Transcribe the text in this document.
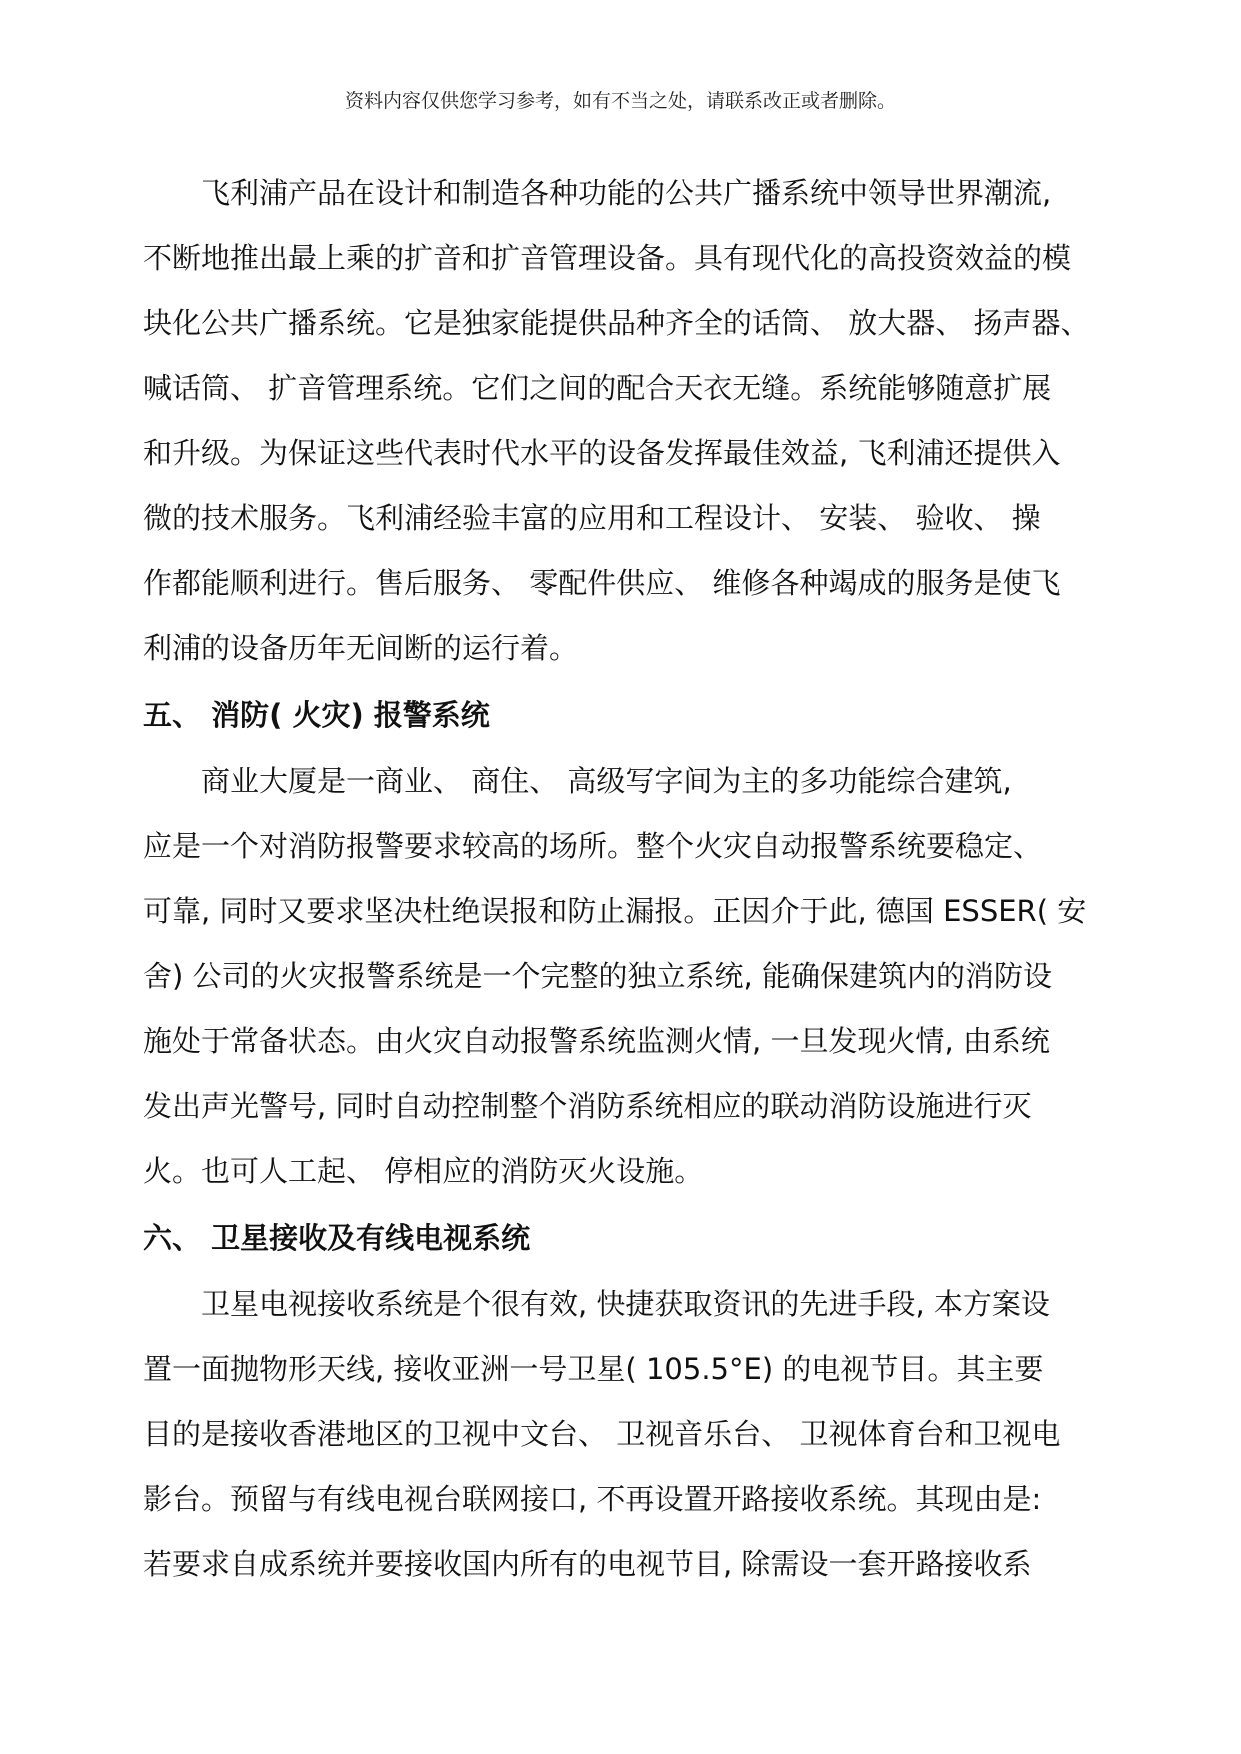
资料内容仅供您学习参考，如有不当之处，请联系改正或者删除。
飞利浦产品在设计和制造各种功能的公共广播系统中领导世界潮流,
不断地推出最上乘的扩音和扩音管理设备。具有现代化的高投资效益的模
块化公共广播系统。它是独家能提供品种齐全的话筒、 放大器、 扬声器、
喊话筒、 扩音管理系统。它们之间的配合天衣无缝。系统能够随意扩展
和升级。为保证这些代表时代水平的设备发挥最佳效益, 飞利浦还提供入
微的技术服务。飞利浦经验丰富的应用和工程设计、 安装、 验收、 操
作都能顺利进行。售后服务、 零配件供应、 维修各种竭成的服务是使飞
利浦的设备历年无间断的运行着。
五、 消防( 火灾) 报警系统
商业大厦是一商业、 商住、 高级写字间为主的多功能综合建筑,
应是一个对消防报警要求较高的场所。整个火灾自动报警系统要稳定、
可靠, 同时又要求坚决杜绝误报和防止漏报。正因介于此, 德国 ESSER( 安
舍) 公司的火灾报警系统是一个完整的独立系统, 能确保建筑内的消防设
施处于常备状态。由火灾自动报警系统监测火情, 一旦发现火情, 由系统
发出声光警号, 同时自动控制整个消防系统相应的联动消防设施进行灭
火。也可人工起、 停相应的消防灭火设施。
六、 卫星接收及有线电视系统
卫星电视接收系统是个很有效, 快捷获取资讯的先进手段, 本方案设
置一面抛物形天线, 接收亚洲一号卫星( 105.5°E) 的电视节目。其主要
目的是接收香港地区的卫视中文台、 卫视音乐台、 卫视体育台和卫视电
影台。预留与有线电视台联网接口, 不再设置开路接收系统。其现由是:
若要求自成系统并要接收国内所有的电视节目, 除需设一套开路接收系
